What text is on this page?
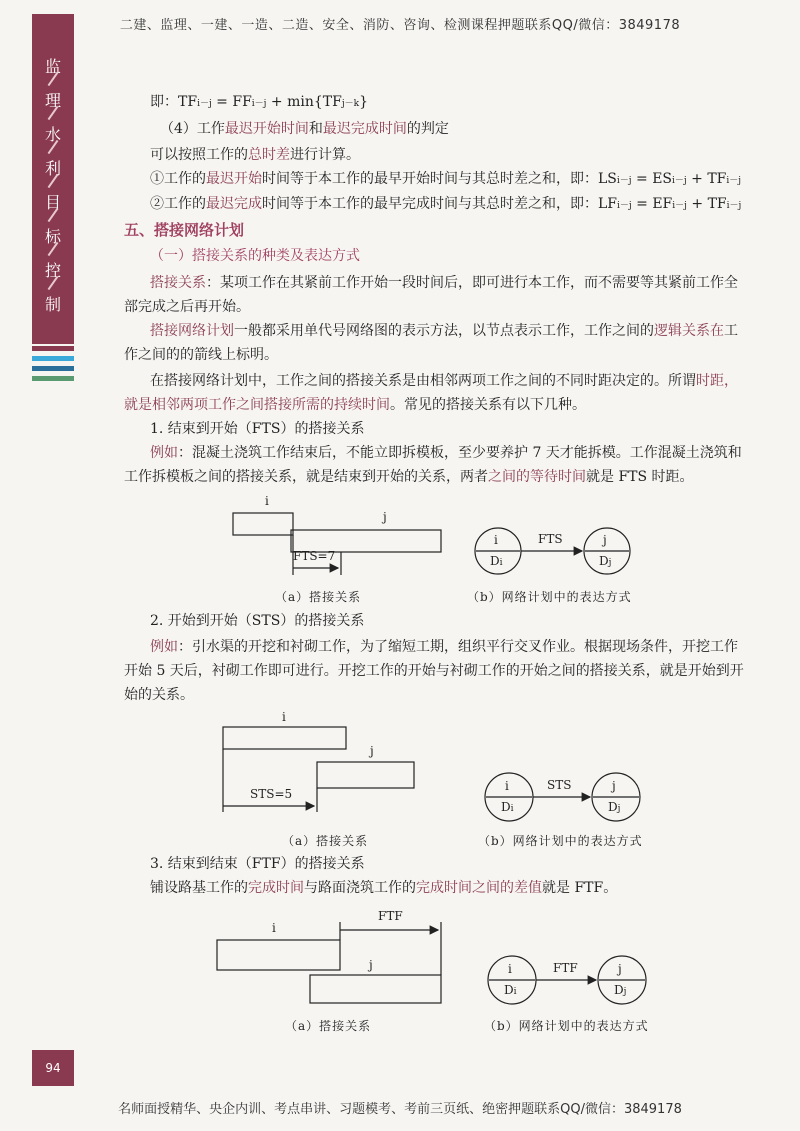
二建、监理、一建、一造、二造、安全、消防、咨询、检测课程押题联系QQ/微信：3849178
监
理
水
利
目
标
控
制
即：TFi－j = FFi－j + min{TFj－k}
（4）工作最迟开始时间和最迟完成时间的判定
可以按照工作的总时差进行计算。
①工作的最迟开始时间等于本工作的最早开始时间与其总时差之和，即：LSi－j = ESi－j + TFi－j
②工作的最迟完成时间等于本工作的最早完成时间与其总时差之和，即：LFi－j = EFi－j + TFi－j
五、搭接网络计划
（一）搭接关系的种类及表达方式
搭接关系：某项工作在其紧前工作开始一段时间后，即可进行本工作，而不需要等其紧前工作全
部完成之后再开始。
搭接网络计划一般都采用单代号网络图的表示方法，以节点表示工作，工作之间的逻辑关系在工
作之间的的箭线上标明。
在搭接网络计划中，工作之间的搭接关系是由相邻两项工作之间的不同时距决定的。所谓时距，
就是相邻两项工作之间搭接所需的持续时间。常见的搭接关系有以下几种。
1. 结束到开始（FTS）的搭接关系
例如：混凝土浇筑工作结束后，不能立即拆模板，至少要养护 7 天才能拆模。工作混凝土浇筑和
工作拆模板之间的搭接关系，就是结束到开始的关系，两者之间的等待时间就是 FTS 时距。
2. 开始到开始（STS）的搭接关系
例如：引水渠的开挖和衬砌工作，为了缩短工期，组织平行交叉作业。根据现场条件，开挖工作
开始 5 天后，衬砌工作即可进行。开挖工作的开始与衬砌工作的开始之间的搭接关系，就是开始到开
始的关系。
3. 结束到结束（FTF）的搭接关系
铺设路基工作的完成时间与路面浇筑工作的完成时间之间的差值就是 FTF。
i
j
FTS=7
i
Di
j
Dj
FTS
（a）搭接关系	（b）网络计划中的表达方式
i
j
STS=5
i
Di
j
Dj
STS
（a）搭接关系	（b）网络计划中的表达方式
i
j
FTF
i
Di
j
Dj
FTF
（a）搭接关系	（b）网络计划中的表达方式
94
名师面授精华、央企内训、考点串讲、习题模考、考前三页纸、绝密押题联系QQ/微信：3849178
